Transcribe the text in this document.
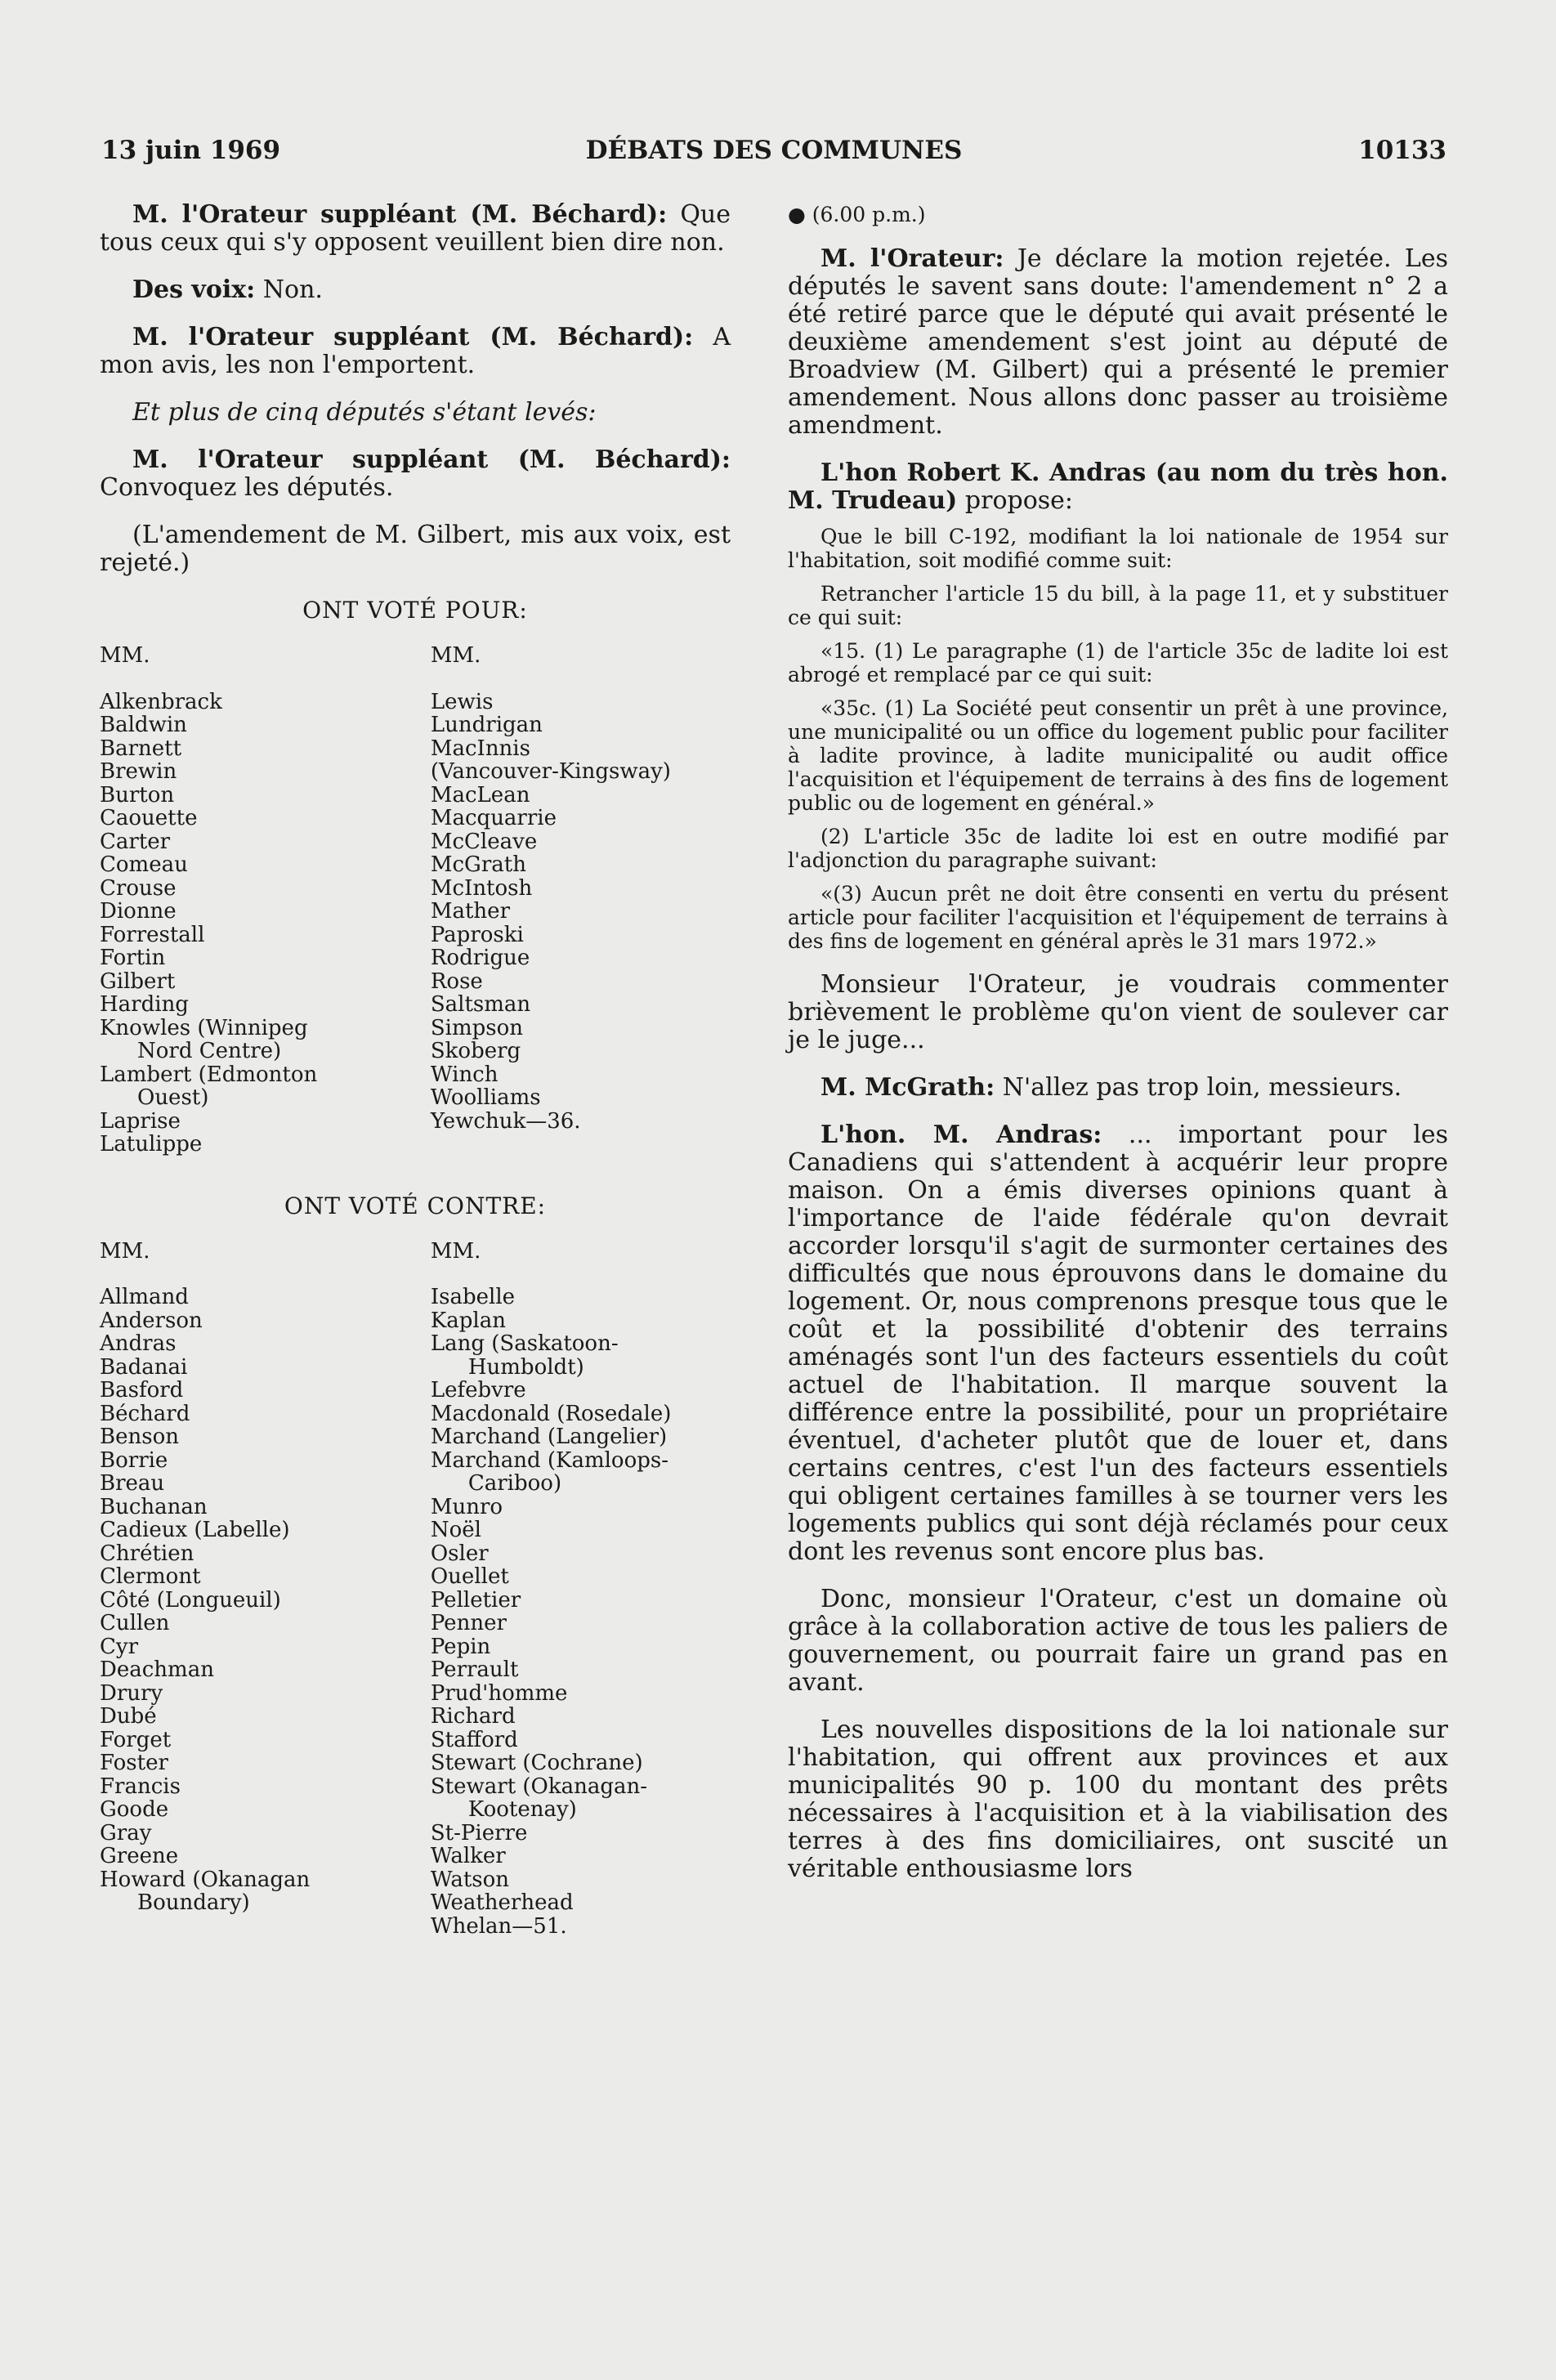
13 juin 1969	DÉBATS DES COMMUNES	10133

M. l'Orateur suppléant (M. Béchard): Que tous ceux qui s'y opposent veuillent bien dire non.

Des voix: Non.

M. l'Orateur suppléant (M. Béchard): A mon avis, les non l'emportent.

Et plus de cinq députés s'étant levés:

M. l'Orateur suppléant (M. Béchard): Convoquez les députés.

(L'amendement de M. Gilbert, mis aux voix, est rejeté.)

ONT VOTÉ POUR:
MM.
Alkenbrack
Baldwin
Barnett
Brewin
Burton
Caouette
Carter
Comeau
Crouse
Dionne
Forrestall
Fortin
Gilbert
Harding
Knowles (Winnipeg
Nord Centre)
Lambert (Edmonton
Ouest)
Laprise
Latulippe
MM.
Lewis
Lundrigan
MacInnis
(Vancouver-Kingsway)
MacLean
Macquarrie
McCleave
McGrath
McIntosh
Mather
Paproski
Rodrigue
Rose
Saltsman
Simpson
Skoberg
Winch
Woolliams
Yewchuk—36.
ONT VOTÉ CONTRE:
MM.
Allmand
Anderson
Andras
Badanai
Basford
Béchard
Benson
Borrie
Breau
Buchanan
Cadieux (Labelle)
Chrétien
Clermont
Côté (Longueuil)
Cullen
Cyr
Deachman
Drury
Dubé
Forget
Foster
Francis
Goode
Gray
Greene
Howard (Okanagan
Boundary)
MM.
Isabelle
Kaplan
Lang (Saskatoon-
Humboldt)
Lefebvre
Macdonald (Rosedale)
Marchand (Langelier)
Marchand (Kamloops-
Cariboo)
Munro
Noël
Osler
Ouellet
Pelletier
Penner
Pepin
Perrault
Prud'homme
Richard
Stafford
Stewart (Cochrane)
Stewart (Okanagan-
Kootenay)
St-Pierre
Walker
Watson
Weatherhead
Whelan—51.
● (6.00 p.m.)

M. l'Orateur: Je déclare la motion rejetée. Les députés le savent sans doute: l'amendement n° 2 a été retiré parce que le député qui avait présenté le deuxième amendement s'est joint au député de Broadview (M. Gilbert) qui a présenté le premier amendement. Nous allons donc passer au troisième amendment.

L'hon Robert K. Andras (au nom du très hon. M. Trudeau) propose:

Que le bill C-192, modifiant la loi nationale de 1954 sur l'habitation, soit modifié comme suit:

Retrancher l'article 15 du bill, à la page 11, et y substituer ce qui suit:

«15. (1) Le paragraphe (1) de l'article 35c de ladite loi est abrogé et remplacé par ce qui suit:

«35c. (1) La Société peut consentir un prêt à une province, une municipalité ou un office du logement public pour faciliter à ladite province, à ladite municipalité ou audit office l'acquisition et l'équipement de terrains à des fins de logement public ou de logement en général.»

(2) L'article 35c de ladite loi est en outre modifié par l'adjonction du paragraphe suivant:

«(3) Aucun prêt ne doit être consenti en vertu du présent article pour faciliter l'acquisition et l'équipement de terrains à des fins de logement en général après le 31 mars 1972.»

Monsieur l'Orateur, je voudrais commenter brièvement le problème qu'on vient de soulever car je le juge...

M. McGrath: N'allez pas trop loin, messieurs.

L'hon. M. Andras: ... important pour les Canadiens qui s'attendent à acquérir leur propre maison. On a émis diverses opinions quant à l'importance de l'aide fédérale qu'on devrait accorder lorsqu'il s'agit de surmonter certaines des difficultés que nous éprouvons dans le domaine du logement. Or, nous comprenons presque tous que le coût et la possibilité d'obtenir des terrains aménagés sont l'un des facteurs essentiels du coût actuel de l'habitation. Il marque souvent la différence entre la possibilité, pour un propriétaire éventuel, d'acheter plutôt que de louer et, dans certains centres, c'est l'un des facteurs essentiels qui obligent certaines familles à se tourner vers les logements publics qui sont déjà réclamés pour ceux dont les revenus sont encore plus bas.

Donc, monsieur l'Orateur, c'est un domaine où grâce à la collaboration active de tous les paliers de gouvernement, ou pourrait faire un grand pas en avant.

Les nouvelles dispositions de la loi nationale sur l'habitation, qui offrent aux provinces et aux municipalités 90 p. 100 du montant des prêts nécessaires à l'acquisition et à la viabilisation des terres à des fins domiciliaires, ont suscité un véritable enthousiasme lors
